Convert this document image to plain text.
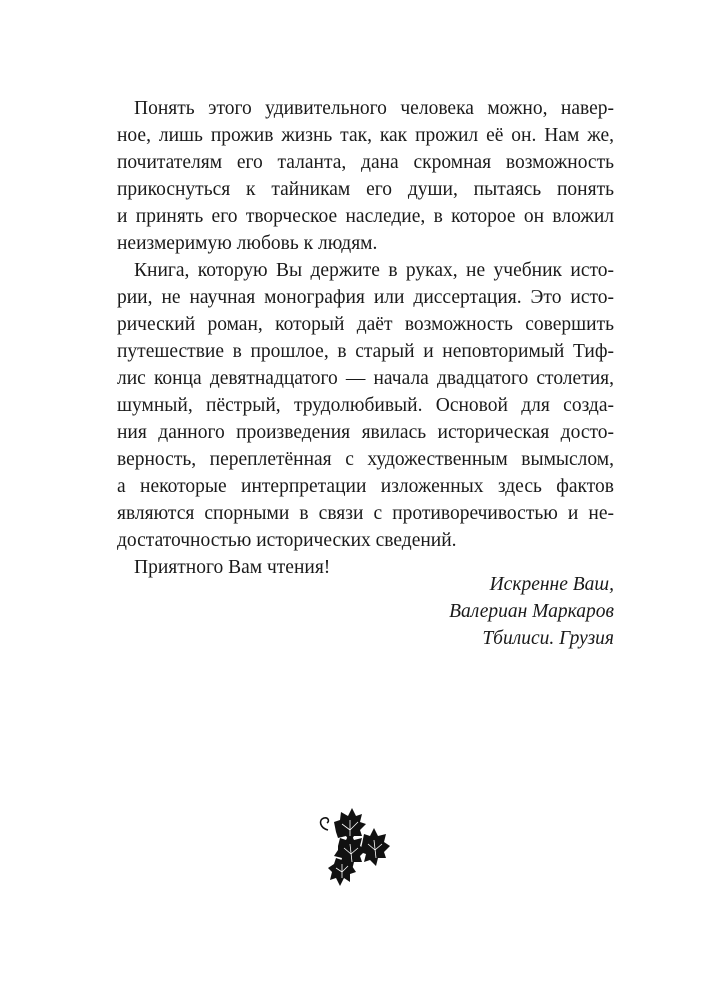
Понять этого удивительного человека можно, навер-
ное, лишь прожив жизнь так, как прожил её он. Нам же,
почитателям его таланта, дана скромная возможность
прикоснуться к тайникам его души, пытаясь понять
и принять его творческое наследие, в которое он вложил
неизмеримую любовь к людям.
Книга, которую Вы держите в руках, не учебник исто-
рии, не научная монография или диссертация. Это исто-
рический роман, который даёт возможность совершить
путешествие в прошлое, в старый и неповторимый Тиф-
лис конца девятнадцатого — начала двадцатого столетия,
шумный, пёстрый, трудолюбивый. Основой для созда-
ния данного произведения явилась историческая досто-
верность, переплетённая с художественным вымыслом,
а некоторые интерпретации изложенных здесь фактов
являются спорными в связи с противоречивостью и не-
достаточностью исторических сведений.
Приятного Вам чтения!
Искренне Ваш,
Валериан Маркаров
Тбилиси. Грузия
